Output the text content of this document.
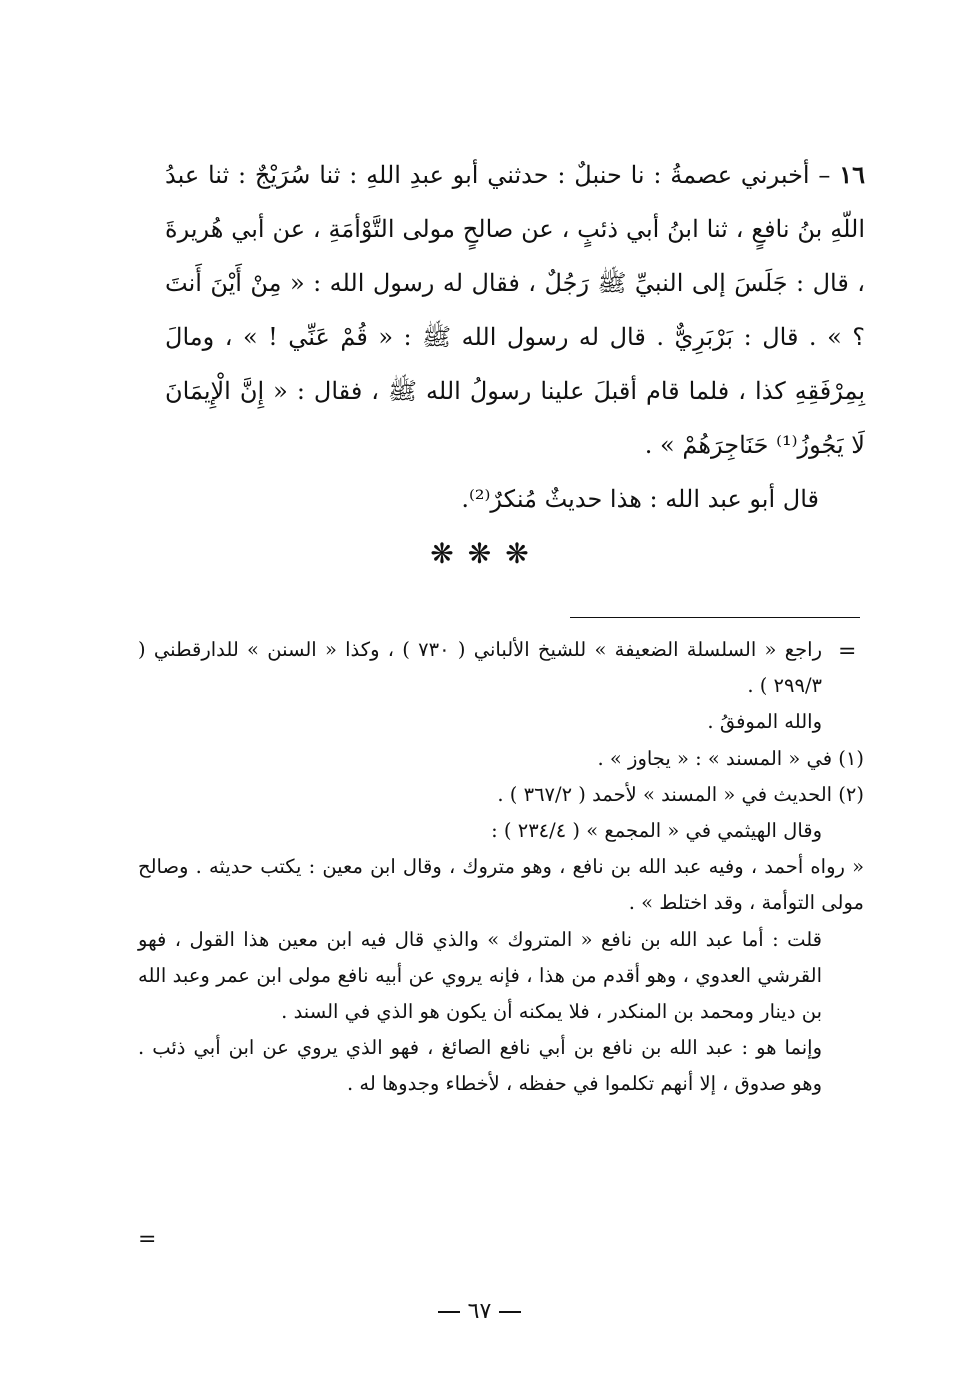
١٦ – أخبرني عصمةُ : نا حنبلٌ : حدثني أبو عبدِ اللهِ : ثنا سُرَيْجٌ : ثنا عبدُ اللّهِ بنُ نافعٍ ، ثنا ابنُ أبي ذئبٍ ، عن صالحٍ مولى التَّوْأمَةِ ، عن أبي هُريرةَ ، قال : جَلَسَ إلى النبيِّ ﷺ رَجُلٌ ، فقال له رسول الله : « مِنْ أَيْنَ أَنتَ ؟ » . قال : بَرْبَرِيٌّ . قال له رسول الله ﷺ : « قُمْ عَنِّي ! » ، ومالَ بِمِرْفَقِهِ كذا ، فلما قام أقبلَ علينا رسولُ الله ﷺ ، فقال : « إِنَّ الْإِيمَانَ لَا يَجُوزُ⁽¹⁾ حَنَاجِرَهُمْ » .

قال أبو عبد الله : هذا حديثٌ مُنكرٌ⁽²⁾.

❋ ❋ ❋
=

راجع « السلسلة الضعيفة » للشيخ الألباني ( ٧٣٠ ) ، وكذا « السنن » للدارقطني ( ٢٩٩/٣ ) .

والله الموفقُ .

(١) في « المسند » : « يجاوز » .

(٢) الحديث في « المسند » لأحمد ( ٣٦٧/٢ ) .

وقال الهيثمي في « المجمع » ( ٢٣٤/٤ ) :

« رواه أحمد ، وفيه عبد الله بن نافع ، وهو متروك ، وقال ابن معين : يكتب حديثه . وصالح مولى التوأمة ، وقد اختلط » .

قلت : أما عبد الله بن نافع « المتروك » والذي قال فيه ابن معين هذا القول ، فهو القرشي العدوي ، وهو أقدم من هذا ، فإنه يروي عن أبيه نافع مولى ابن عمر وعبد الله بن دينار ومحمد بن المنكدر ، فلا يمكنه أن يكون هو الذي في السند .

وإنما هو : عبد الله بن نافع بن أبي نافع الصائغ ، فهو الذي يروي عن ابن أبي ذئب . وهو صدوق ، إلا أنهم تكلموا في حفظه ، لأخطاء وجدوها له .

=
٦٧
